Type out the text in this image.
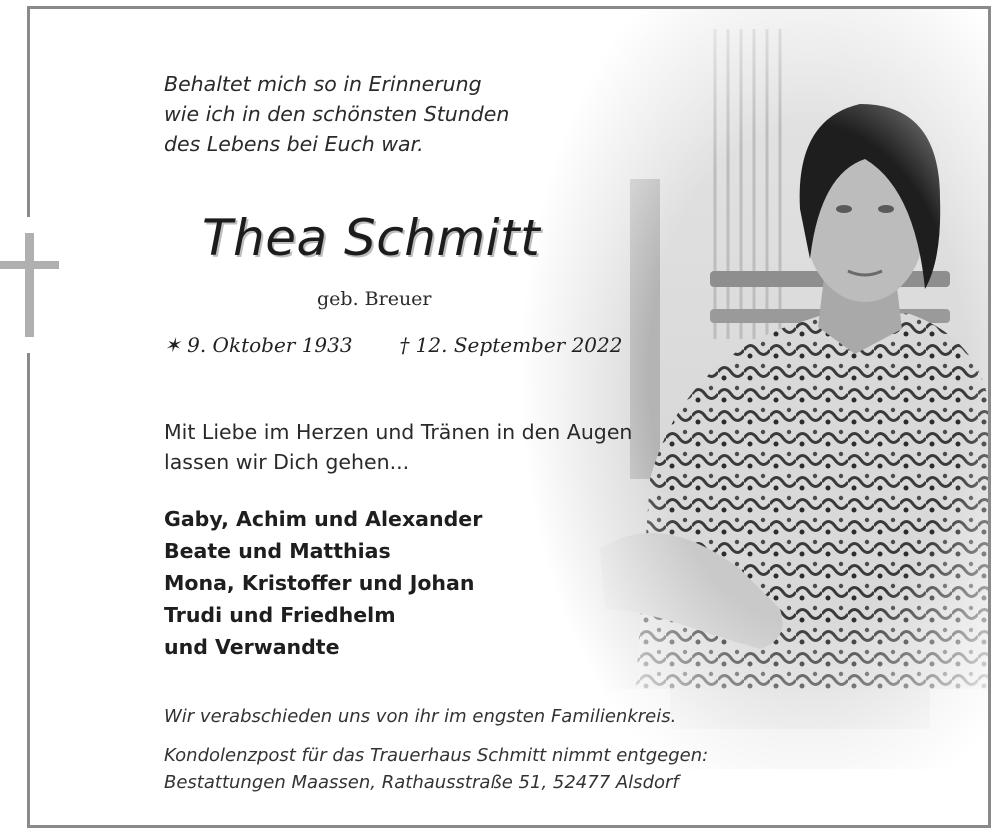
Behaltet mich so in Erinnerung
wie ich in den schönsten Stunden
des Lebens bei Euch war.
Thea Schmitt
geb. Breuer
✶ 9. Oktober 1933 † 12. September 2022
Mit Liebe im Herzen und Tränen in den Augen
lassen wir Dich gehen...
Gaby, Achim und Alexander
Beate und Matthias
Mona, Kristoffer und Johan
Trudi und Friedhelm
und Verwandte
Wir verabschieden uns von ihr im engsten Familienkreis.
Kondolenzpost für das Trauerhaus Schmitt nimmt entgegen:
Bestattungen Maassen, Rathausstraße 51, 52477 Alsdorf
